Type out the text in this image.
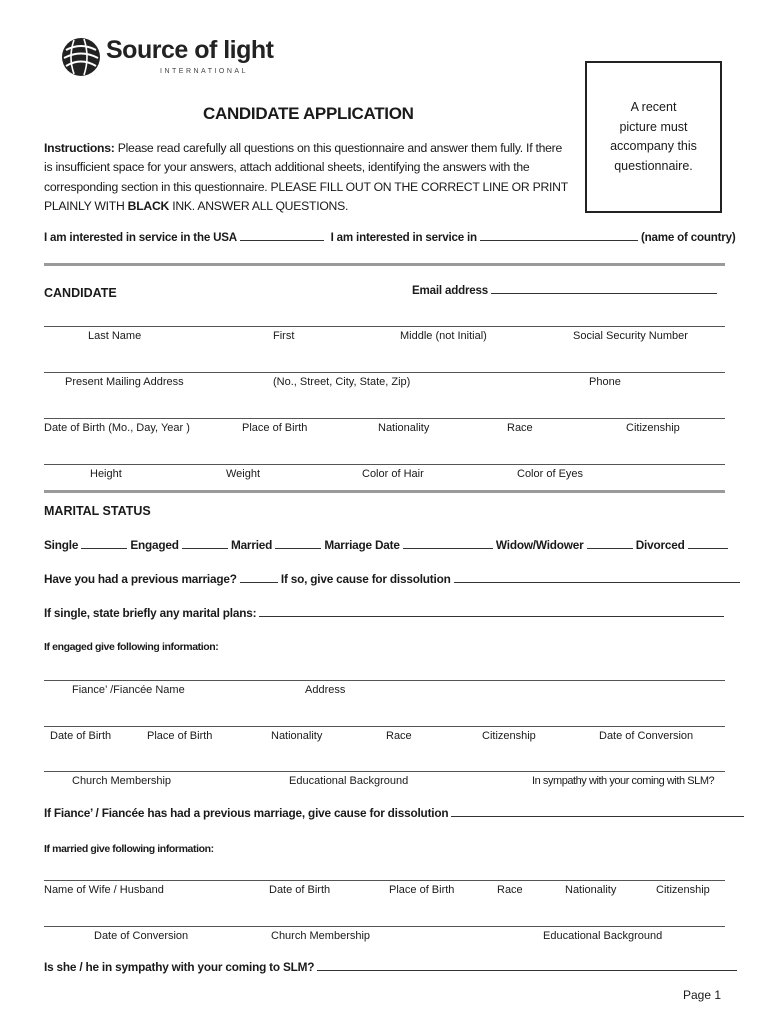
Source of light
INTERNATIONAL
A recent
picture must
accompany this
questionnaire.
CANDIDATE APPLICATION
Instructions: Please read carefully all questions on this questionnaire and answer them fully. If there is insufficient space for your answers, attach additional sheets, identifying the answers with the corresponding section in this questionnaire. PLEASE FILL OUT ON THE CORRECT LINE OR PRINT PLAINLY WITH BLACK INK. ANSWER ALL QUESTIONS.
I am interested in service in the USA	I am interested in service in	(name of country)
CANDIDATE	Email address
Last Name	First	Middle (not Initial)	Social Security Number
Present Mailing Address	(No., Street, City, State, Zip)	Phone
Date of Birth (Mo., Day, Year )	Place of Birth	Nationality	Race	Citizenship
Height	Weight	Color of Hair	Color of Eyes
MARITAL STATUS
Single	Engaged	Married	Marriage Date	Widow/Widower	Divorced
Have you had a previous marriage?	If so, give cause for dissolution
If single, state briefly any marital plans:
If engaged give following information:
Fiance’ /Fiancée Name	Address
Date of Birth	Place of Birth	Nationality	Race	Citizenship	Date of Conversion
Church Membership	Educational Background	In sympathy with your coming with SLM?
If Fiance’ / Fiancée has had a previous marriage, give cause for dissolution
If married give following information:
Name of Wife / Husband	Date of Birth	Place of Birth	Race	Nationality	Citizenship
Date of Conversion	Church Membership	Educational Background
Is she / he in sympathy with your coming to SLM?
Page 1
